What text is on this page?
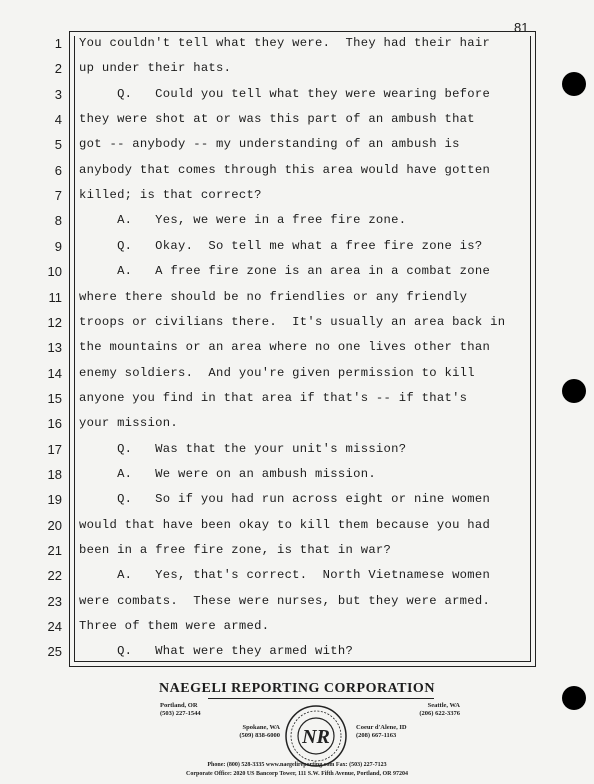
81
1 You couldn't tell what they were.  They had their hair
2 up under their hats.
3 Q.   Could you tell what they were wearing before
4 they were shot at or was this part of an ambush that
5 got -- anybody -- my understanding of an ambush is
6 anybody that comes through this area would have gotten
7 killed; is that correct?
8 A.   Yes, we were in a free fire zone.
9 Q.   Okay.  So tell me what a free fire zone is?
10 A.   A free fire zone is an area in a combat zone
11 where there should be no friendlies or any friendly
12 troops or civilians there.  It's usually an area back in
13 the mountains or an area where no one lives other than
14 enemy soldiers.  And you're given permission to kill
15 anyone you find in that area if that's -- if that's
16 your mission.
17 Q.   Was that the your unit's mission?
18 A.   We were on an ambush mission.
19 Q.   So if you had run across eight or nine women
20 would that have been okay to kill them because you had
21 been in a free fire zone, is that in war?
22 A.   Yes, that's correct.  North Vietnamese women
23 were combats.  These were nurses, but they were armed.
24 Three of them were armed.
25 Q.   What were they armed with?
NAEGELI REPORTING CORPORATION
Portland, OR
(503) 227-1544
Seattle, WA
(206) 622-3376
Spokane, WA
(509) 838-6000
Coeur d'Alene, ID
(208) 667-1163
NR
Phone: (800) 528-3335 www.naegelireporting.com Fax: (503) 227-7123
Corporate Office: 2020 US Bancorp Tower, 111 S.W. Fifth Avenue, Portland, OR 97204
